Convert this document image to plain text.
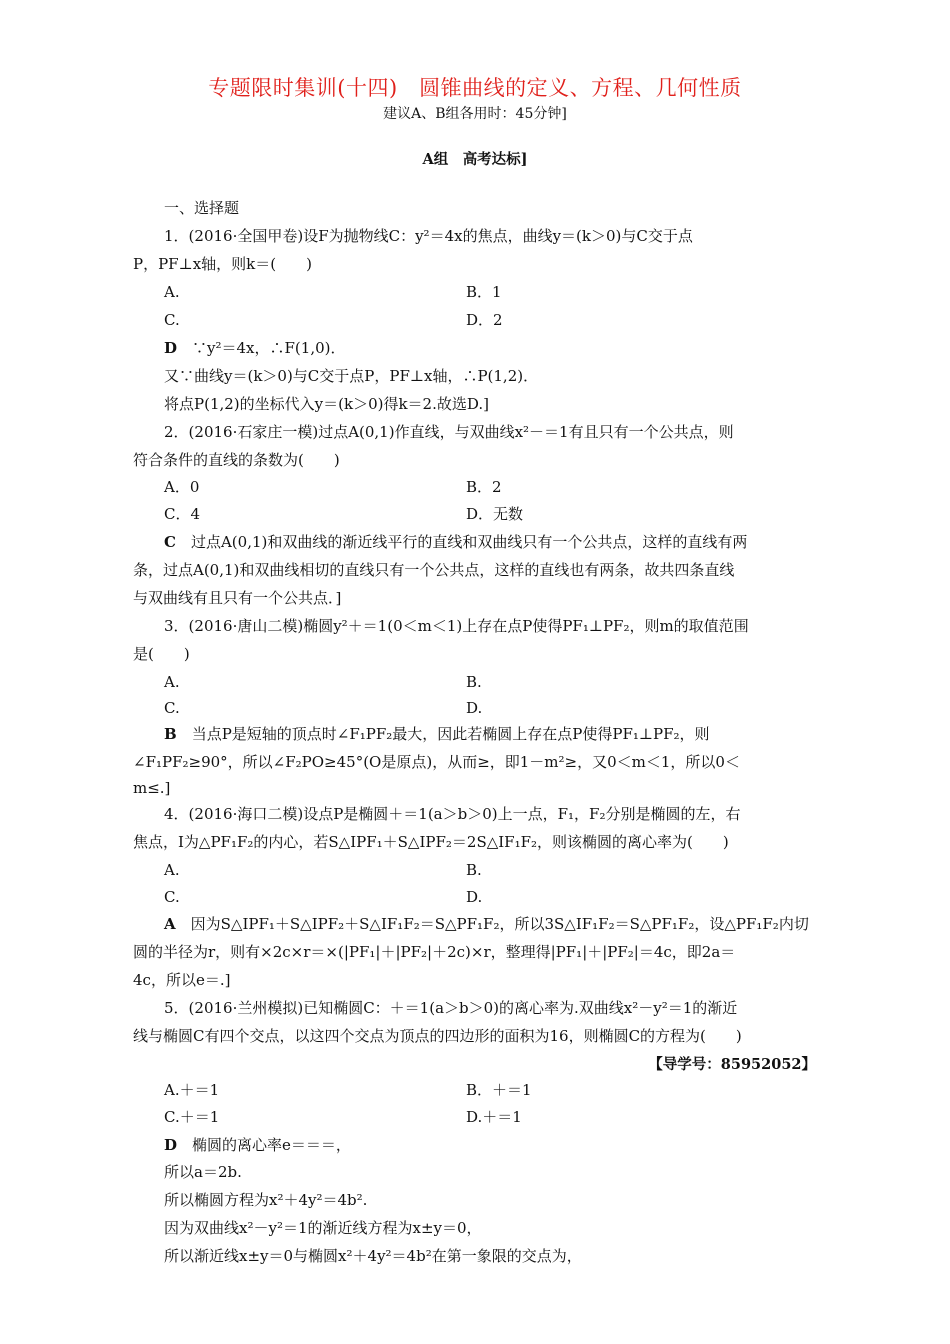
专题限时集训(十四)　圆锥曲线的定义、方程、几何性质
建议A、B组各用时：45分钟]
A组　高考达标]
一、选择题
1．(2016·全国甲卷)设F为抛物线C：y²＝4x的焦点，曲线y＝(k＞0)与C交于点
P，PF⊥x轴，则k＝(　　)
A.	B．1
C.	D．2
D　 ∵y²＝4x，∴F(1,0)．
又∵曲线y＝(k＞0)与C交于点P，PF⊥x轴，∴P(1,2)．
将点P(1,2)的坐标代入y＝(k＞0)得k＝2.故选D.]
2．(2016·石家庄一模)过点A(0,1)作直线，与双曲线x²－＝1有且只有一个公共点，则
符合条件的直线的条数为(　　)
A．0	B．2
C．4	D．无数
C　 过点A(0,1)和双曲线的渐近线平行的直线和双曲线只有一个公共点，这样的直线有两
条，过点A(0,1)和双曲线相切的直线只有一个公共点，这样的直线也有两条，故共四条直线
与双曲线有且只有一个公共点．]
3．(2016·唐山二模)椭圆y²＋＝1(0＜m＜1)上存在点P使得PF₁⊥PF₂，则m的取值范围
是(　　)
A.	B.
C.	D.
B　 当点P是短轴的顶点时∠F₁PF₂最大，因此若椭圆上存在点P使得PF₁⊥PF₂，则
∠F₁PF₂≥90°，所以∠F₂PO≥45°(O是原点)，从而≥，即1－m²≥，又0＜m＜1，所以0＜
m≤.]
4．(2016·海口二模)设点P是椭圆＋＝1(a＞b＞0)上一点，F₁，F₂分别是椭圆的左，右
焦点，I为△PF₁F₂的内心，若S△IPF₁＋S△IPF₂＝2S△IF₁F₂，则该椭圆的离心率为(　　)
A.	B.
C.	D.
A　 因为S△IPF₁＋S△IPF₂＋S△IF₁F₂＝S△PF₁F₂，所以3S△IF₁F₂＝S△PF₁F₂，设△PF₁F₂内切
圆的半径为r，则有×2c×r＝×(|PF₁|＋|PF₂|＋2c)×r，整理得|PF₁|＋|PF₂|＝4c，即2a＝
4c，所以e＝.]
5．(2016·兰州模拟)已知椭圆C：＋＝1(a＞b＞0)的离心率为.双曲线x²－y²＝1的渐近
线与椭圆C有四个交点，以这四个交点为顶点的四边形的面积为16，则椭圆C的方程为(　　)
【导学号：85952052】
A.＋＝1	B．＋＝1
C.＋＝1	D.＋＝1
D　 椭圆的离心率e＝＝＝，
所以a＝2b.
所以椭圆方程为x²＋4y²＝4b².
因为双曲线x²－y²＝1的渐近线方程为x±y＝0，
所以渐近线x±y＝0与椭圆x²＋4y²＝4b²在第一象限的交点为，
